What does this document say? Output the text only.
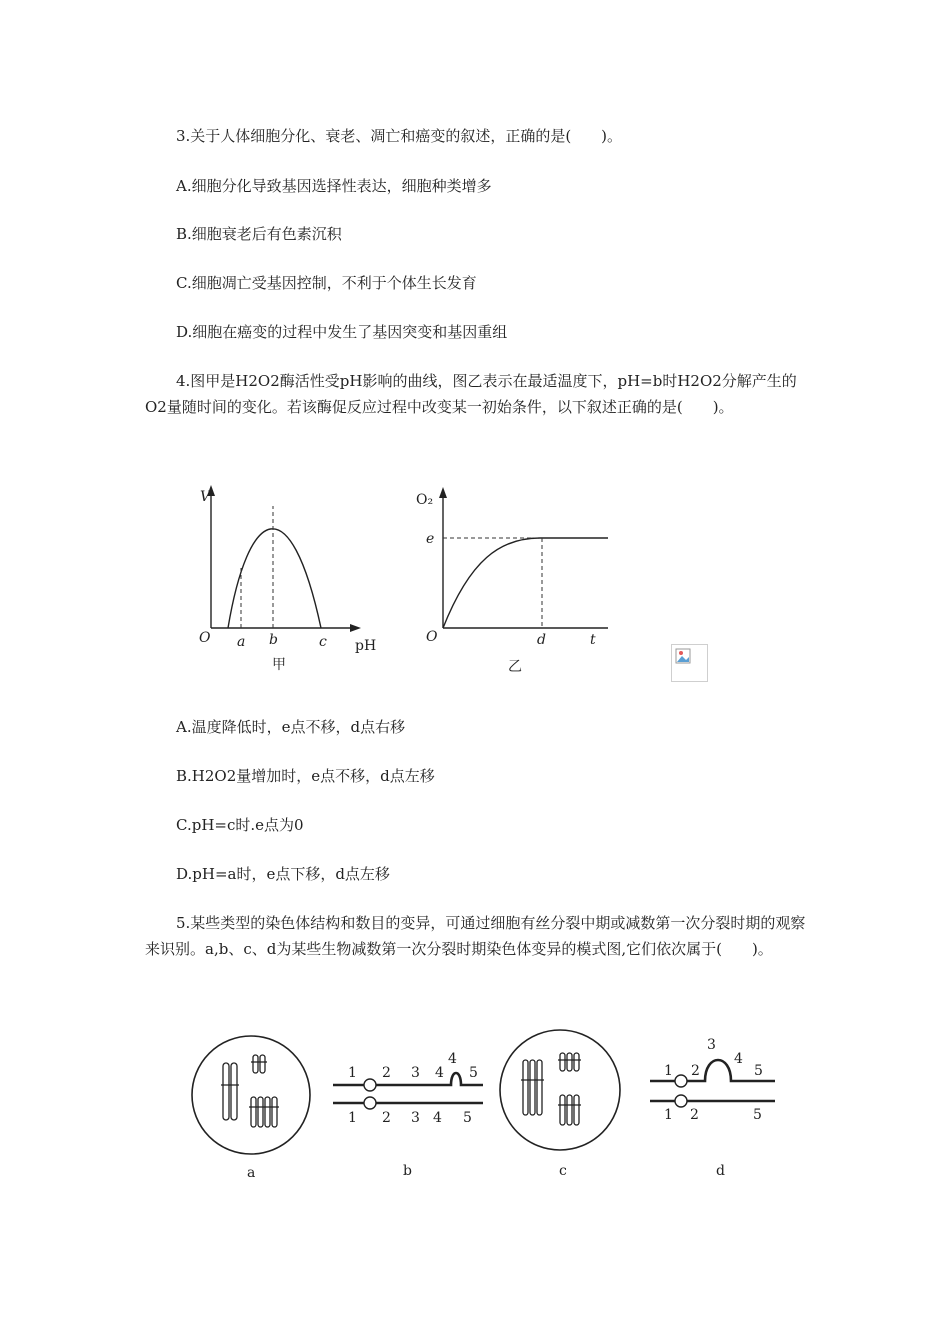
3.关于人体细胞分化、衰老、凋亡和癌变的叙述，正确的是(　　)。
A.细胞分化导致基因选择性表达，细胞种类增多
B.细胞衰老后有色素沉积
C.细胞凋亡受基因控制，不利于个体生长发育
D.细胞在癌变的过程中发生了基因突变和基因重组
4.图甲是H2O2酶活性受pH影响的曲线，图乙表示在最适温度下，pH=b时H2O2分解产生的O2量随时间的变化。若该酶促反应过程中改变某一初始条件，以下叙述正确的是(　　)。
V
O a b	c pH
甲
O₂
e
O	d	t
乙
A.温度降低时，e点不移，d点右移
B.H2O2量增加时，e点不移，d点左移
C.pH=c时.e点为0
D.pH=a时，e点下移，d点左移
5.某些类型的染色体结构和数目的变异，可通过细胞有丝分裂中期或减数第一次分裂时期的观察来识别。a,b、c、d为某些生物减数第一次分裂时期染色体变异的模式图,它们依次属于(　　)。
a
1 2 3 4
4
5
1 2 3 4 5
b	c
1 2
3
4
5
1 2	5
d
